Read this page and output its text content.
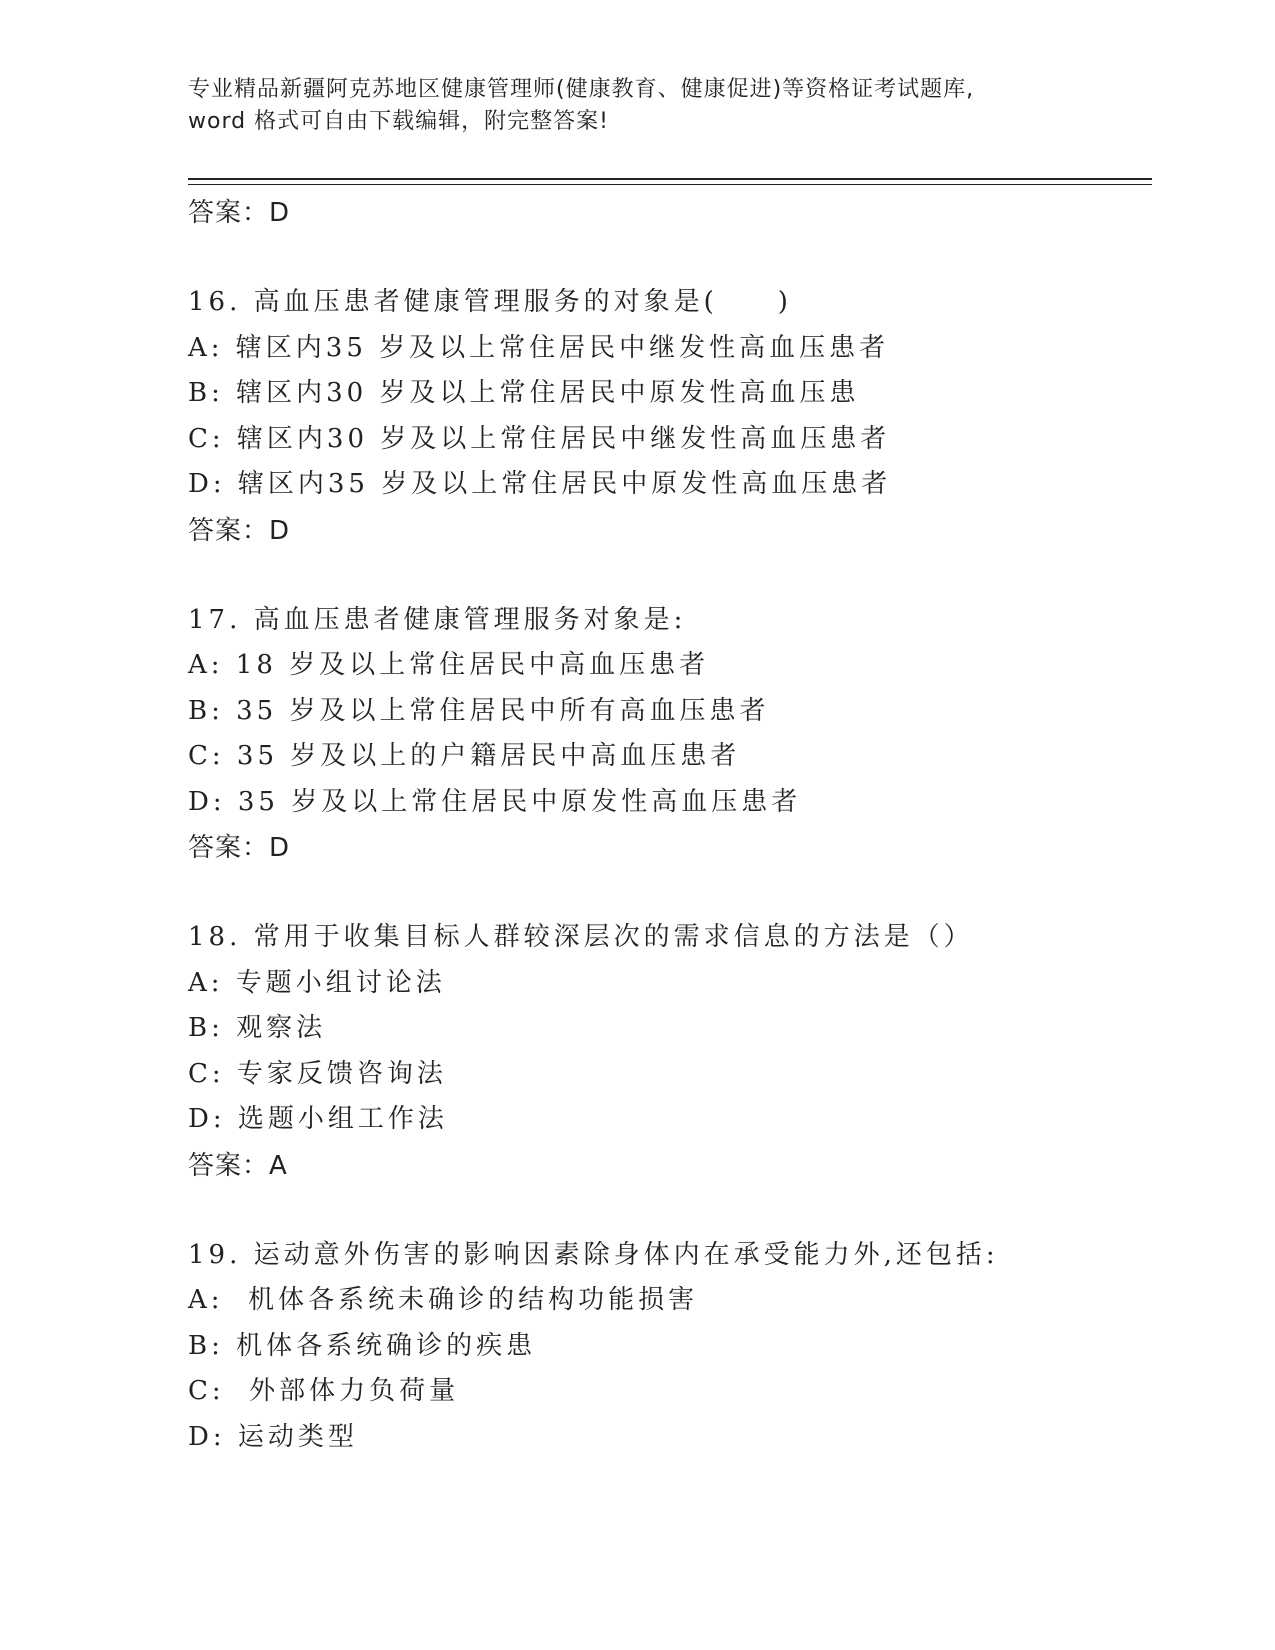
专业精品新疆阿克苏地区健康管理师(健康教育、健康促进)等资格证考试题库,
word 格式可自由下载编辑，附完整答案!
答案：D
16. 高血压患者健康管理服务的对象是(　　)
A: 辖区内35 岁及以上常住居民中继发性高血压患者
B: 辖区内30 岁及以上常住居民中原发性高血压患
C: 辖区内30 岁及以上常住居民中继发性高血压患者
D: 辖区内35 岁及以上常住居民中原发性高血压患者
答案：D
17. 高血压患者健康管理服务对象是:
A: 18 岁及以上常住居民中高血压患者
B: 35 岁及以上常住居民中所有高血压患者
C: 35 岁及以上的户籍居民中高血压患者
D: 35 岁及以上常住居民中原发性高血压患者
答案：D
18. 常用于收集目标人群较深层次的需求信息的方法是（）
A: 专题小组讨论法
B: 观察法
C: 专家反馈咨询法
D: 选题小组工作法
答案：A
19. 运动意外伤害的影响因素除身体内在承受能力外,还包括:
A:  机体各系统未确诊的结构功能损害
B: 机体各系统确诊的疾患
C:  外部体力负荷量
D: 运动类型
